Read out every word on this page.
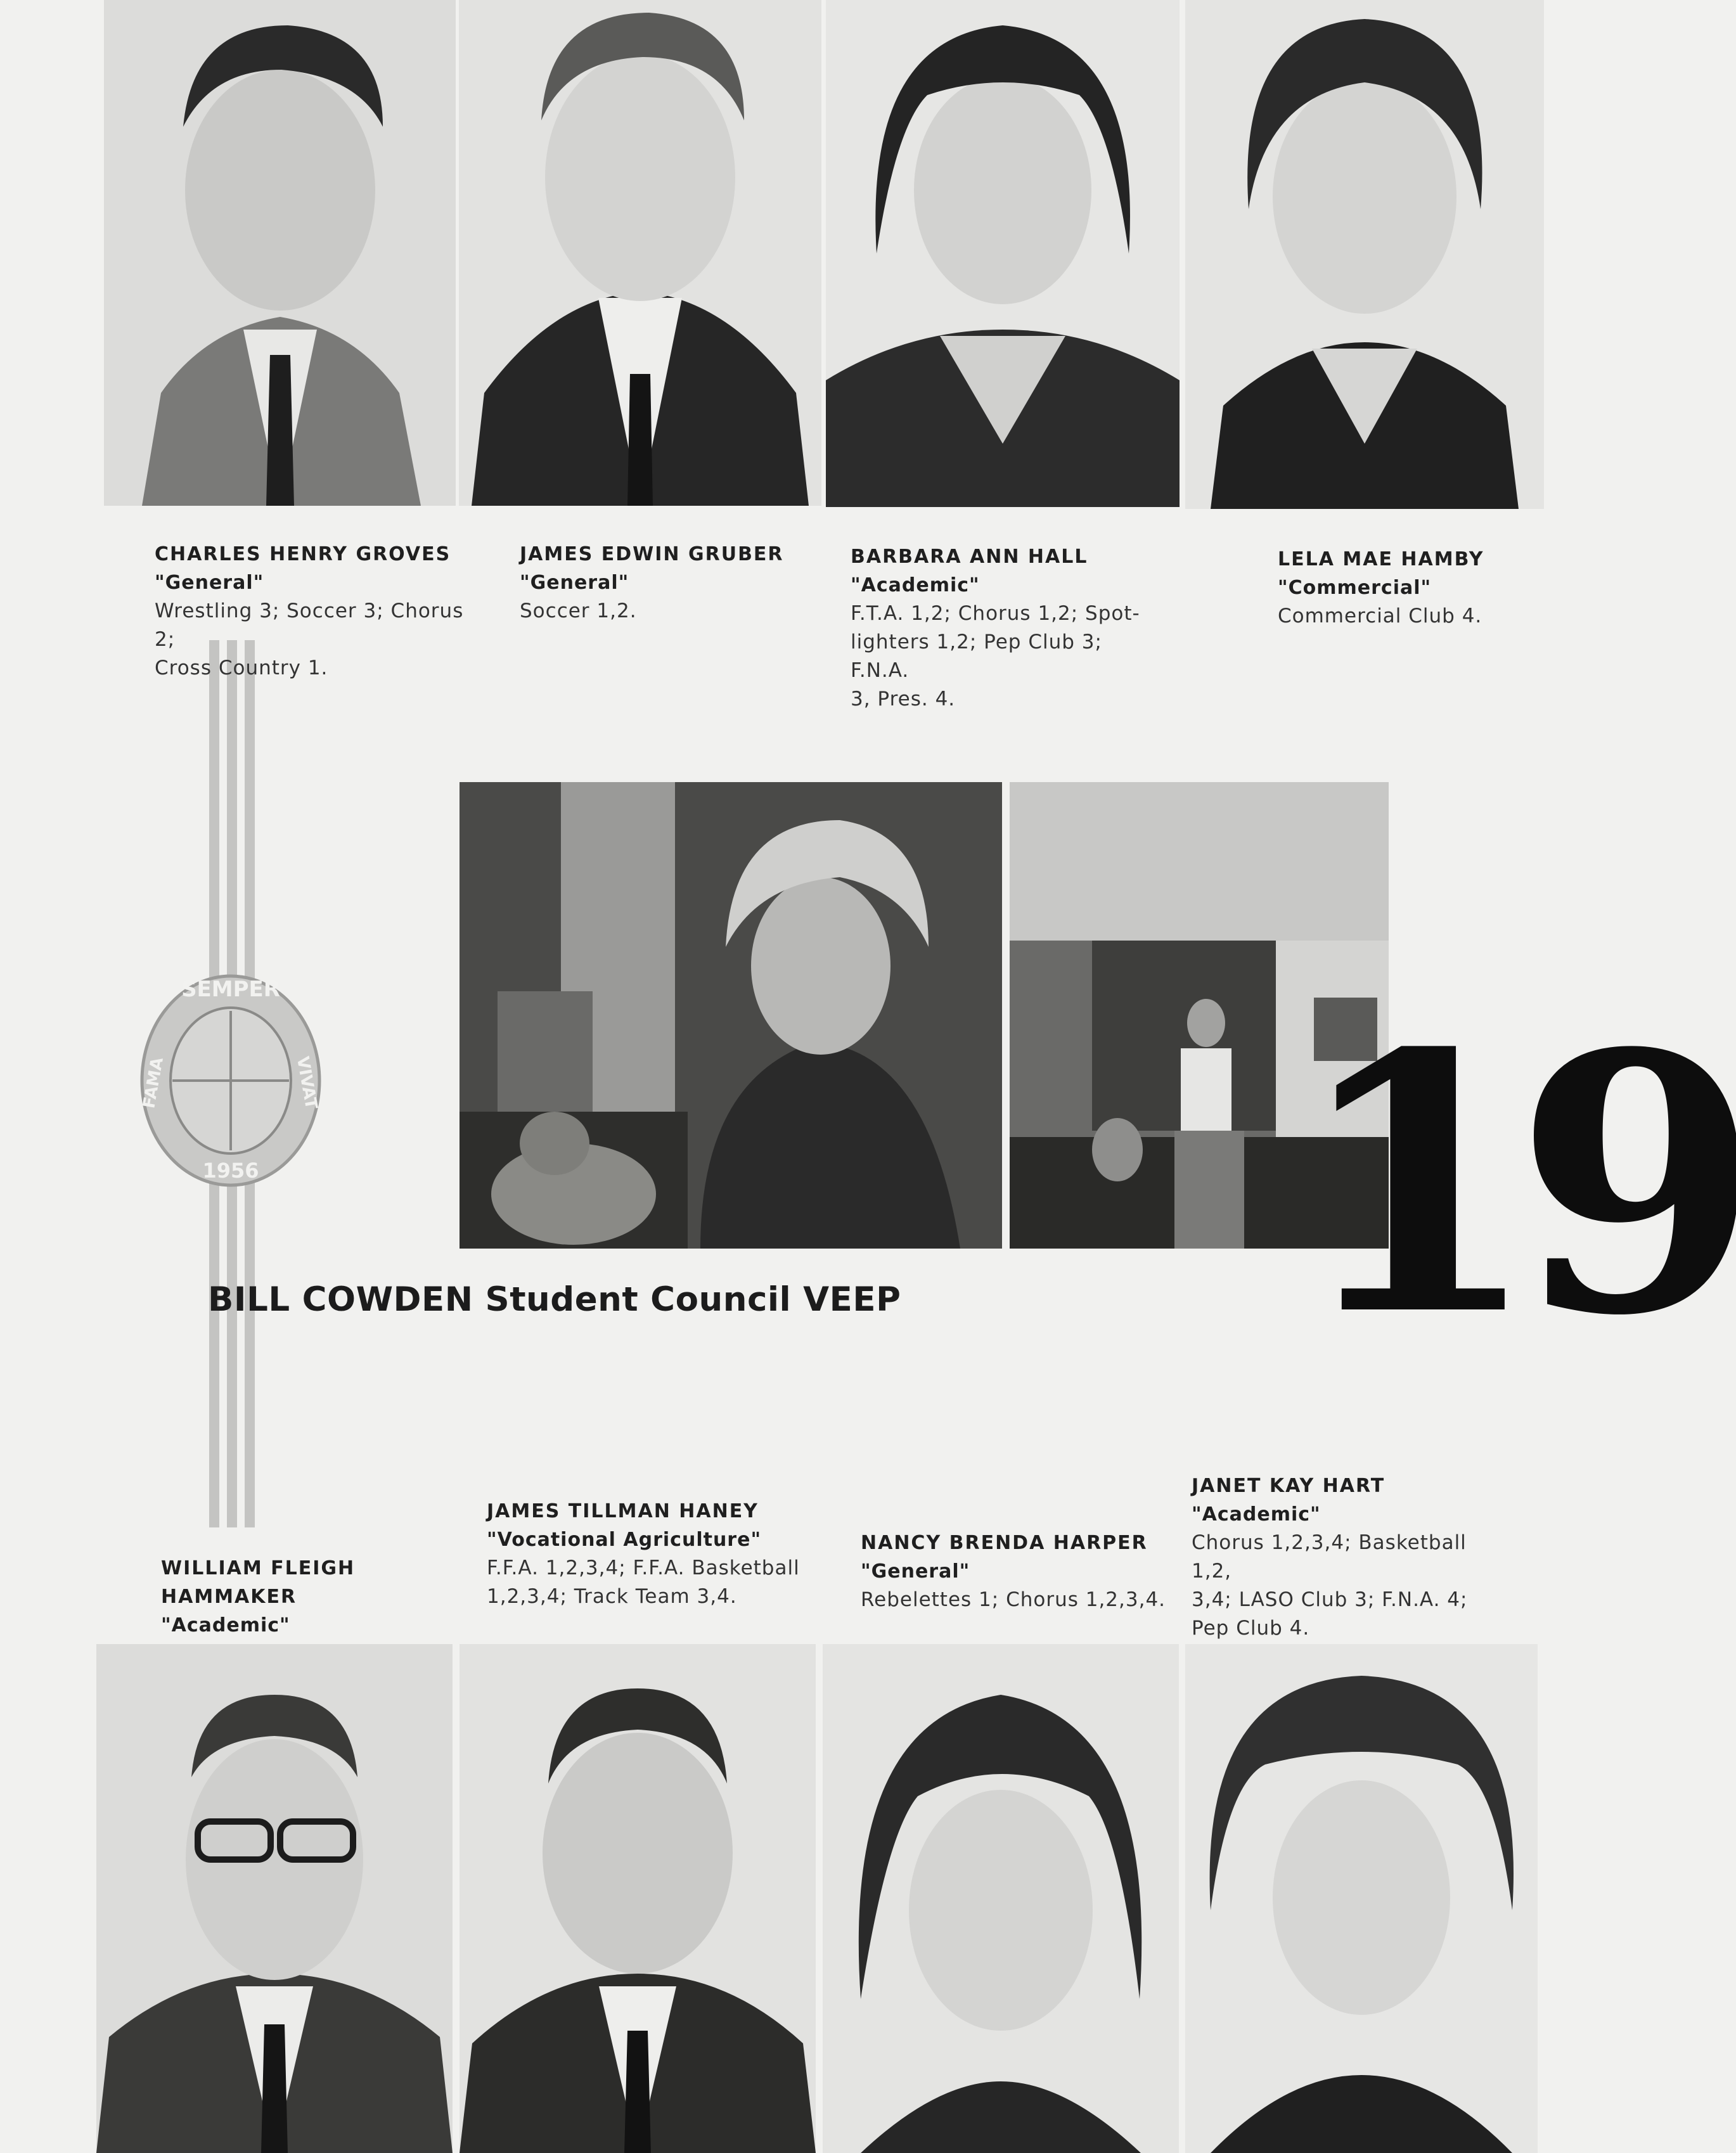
CHARLES HENRY GROVES
"General"
Wrestling 3; Soccer 3; Chorus 2;
Cross Country 1.
JAMES EDWIN GRUBER
"General"
Soccer 1,2.
BARBARA ANN HALL
"Academic"
F.T.A. 1,2; Chorus 1,2; Spot-
lighters 1,2; Pep Club 3; F.N.A.
3, Pres. 4.
LELA MAE HAMBY
"Commercial"
Commercial Club 4.
SEMPER
VIVAT
FAMA
1956
BILL COWDEN Student Council VEEP 19
WILLIAM FLEIGH HAMMAKER
"Academic"
JAMES TILLMAN HANEY
"Vocational Agriculture"
F.F.A. 1,2,3,4; F.F.A. Basketball
1,2,3,4; Track Team 3,4.
NANCY BRENDA HARPER
"General"
Rebelettes 1; Chorus 1,2,3,4.
JANET KAY HART
"Academic"
Chorus 1,2,3,4; Basketball 1,2,
3,4; LASO Club 3; F.N.A. 4;
Pep Club 4.
